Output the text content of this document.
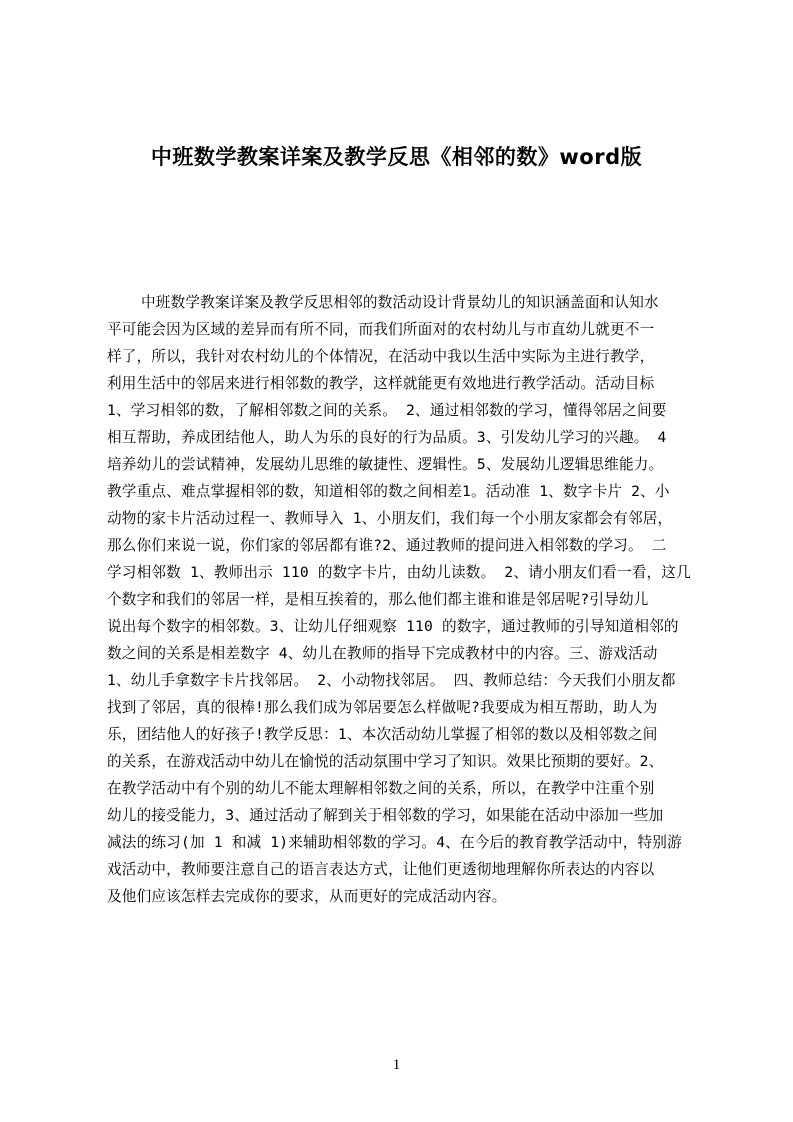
中班数学教案详案及教学反思《相邻的数》word版
中班数学教案详案及教学反思相邻的数活动设计背景幼儿的知识涵盖面和认知水
平可能会因为区域的差异而有所不同，而我们所面对的农村幼儿与市直幼儿就更不一
样了，所以，我针对农村幼儿的个体情况，在活动中我以生活中实际为主进行教学，
利用生活中的邻居来进行相邻数的教学，这样就能更有效地进行教学活动。活动目标
1、学习相邻的数，了解相邻数之间的关系。 2、通过相邻数的学习，懂得邻居之间要
相互帮助，养成团结他人，助人为乐的良好的行为品质。3、引发幼儿学习的兴趣。 4
培养幼儿的尝试精神，发展幼儿思维的敏捷性、逻辑性。5、发展幼儿逻辑思维能力。
教学重点、难点掌握相邻的数，知道相邻的数之间相差1。活动准 1、数字卡片 2、小
动物的家卡片活动过程一、教师导入 1、小朋友们，我们每一个小朋友家都会有邻居，
那么你们来说一说，你们家的邻居都有谁?2、通过教师的提问进入相邻数的学习。 二
学习相邻数 1、教师出示 110 的数字卡片，由幼儿读数。 2、请小朋友们看一看，这几
个数字和我们的邻居一样，是相互挨着的，那么他们都主谁和谁是邻居呢?引导幼儿
说出每个数字的相邻数。3、让幼儿仔细观察 110 的数字，通过教师的引导知道相邻的
数之间的关系是相差数字 4、幼儿在教师的指导下完成教材中的内容。三、游戏活动
1、幼儿手拿数字卡片找邻居。 2、小动物找邻居。 四、教师总结：今天我们小朋友都
找到了邻居，真的很棒!那么我们成为邻居要怎么样做呢?我要成为相互帮助，助人为
乐，团结他人的好孩子!教学反思：1、本次活动幼儿掌握了相邻的数以及相邻数之间
的关系，在游戏活动中幼儿在愉悦的活动氛围中学习了知识。效果比预期的要好。2、
在教学活动中有个别的幼儿不能太理解相邻数之间的关系，所以，在教学中注重个别
幼儿的接受能力，3、通过活动了解到关于相邻数的学习，如果能在活动中添加一些加
减法的练习(加 1 和减 1)来辅助相邻数的学习。4、在今后的教育教学活动中，特别游
戏活动中，教师要注意自己的语言表达方式，让他们更透彻地理解你所表达的内容以
及他们应该怎样去完成你的要求，从而更好的完成活动内容。
1
